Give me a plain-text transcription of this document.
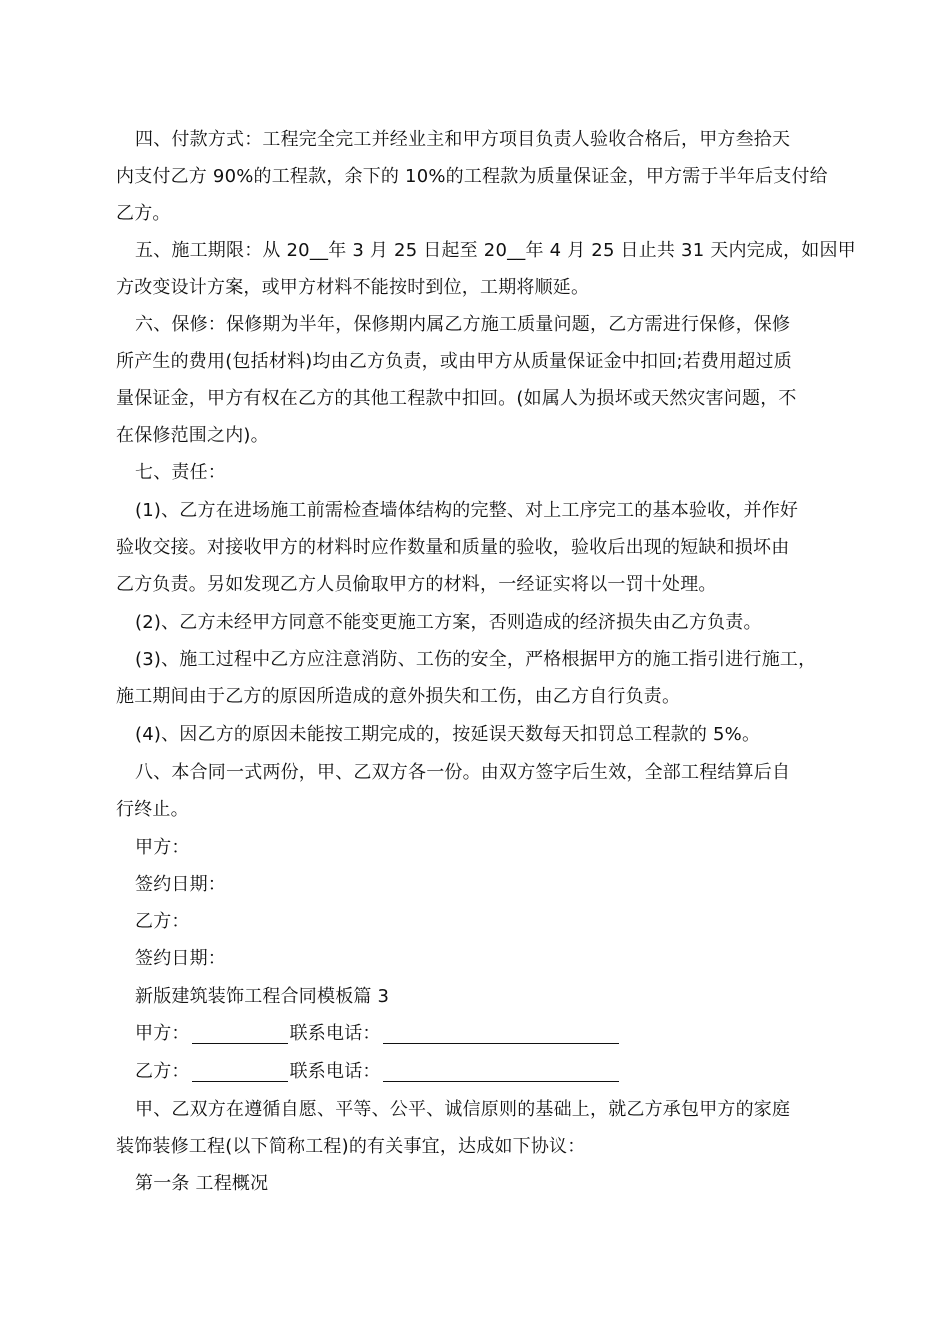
四、付款方式：工程完全完工并经业主和甲方项目负责人验收合格后，甲方叁拾天
内支付乙方 90%的工程款，余下的 10%的工程款为质量保证金，甲方需于半年后支付给
乙方。
五、施工期限：从 20__年 3 月 25 日起至 20__年 4 月 25 日止共 31 天内完成，如因甲
方改变设计方案，或甲方材料不能按时到位，工期将顺延。
六、保修：保修期为半年，保修期内属乙方施工质量问题，乙方需进行保修，保修
所产生的费用(包括材料)均由乙方负责，或由甲方从质量保证金中扣回;若费用超过质
量保证金，甲方有权在乙方的其他工程款中扣回。(如属人为损坏或天然灾害问题，不
在保修范围之内)。
七、责任：
(1)、乙方在进场施工前需检查墙体结构的完整、对上工序完工的基本验收，并作好
验收交接。对接收甲方的材料时应作数量和质量的验收，验收后出现的短缺和损坏由
乙方负责。另如发现乙方人员偷取甲方的材料，一经证实将以一罚十处理。
(2)、乙方未经甲方同意不能变更施工方案，否则造成的经济损失由乙方负责。
(3)、施工过程中乙方应注意消防、工伤的安全，严格根据甲方的施工指引进行施工，
施工期间由于乙方的原因所造成的意外损失和工伤，由乙方自行负责。
(4)、因乙方的原因未能按工期完成的，按延误天数每天扣罚总工程款的 5%。
八、本合同一式两份，甲、乙双方各一份。由双方签字后生效，全部工程结算后自
行终止。
甲方：
签约日期：
乙方：
签约日期：
新版建筑装饰工程合同模板篇 3
甲方：	联系电话：
乙方：	联系电话：
甲、乙双方在遵循自愿、平等、公平、诚信原则的基础上，就乙方承包甲方的家庭
装饰装修工程(以下简称工程)的有关事宜，达成如下协议：
第一条 工程概况
